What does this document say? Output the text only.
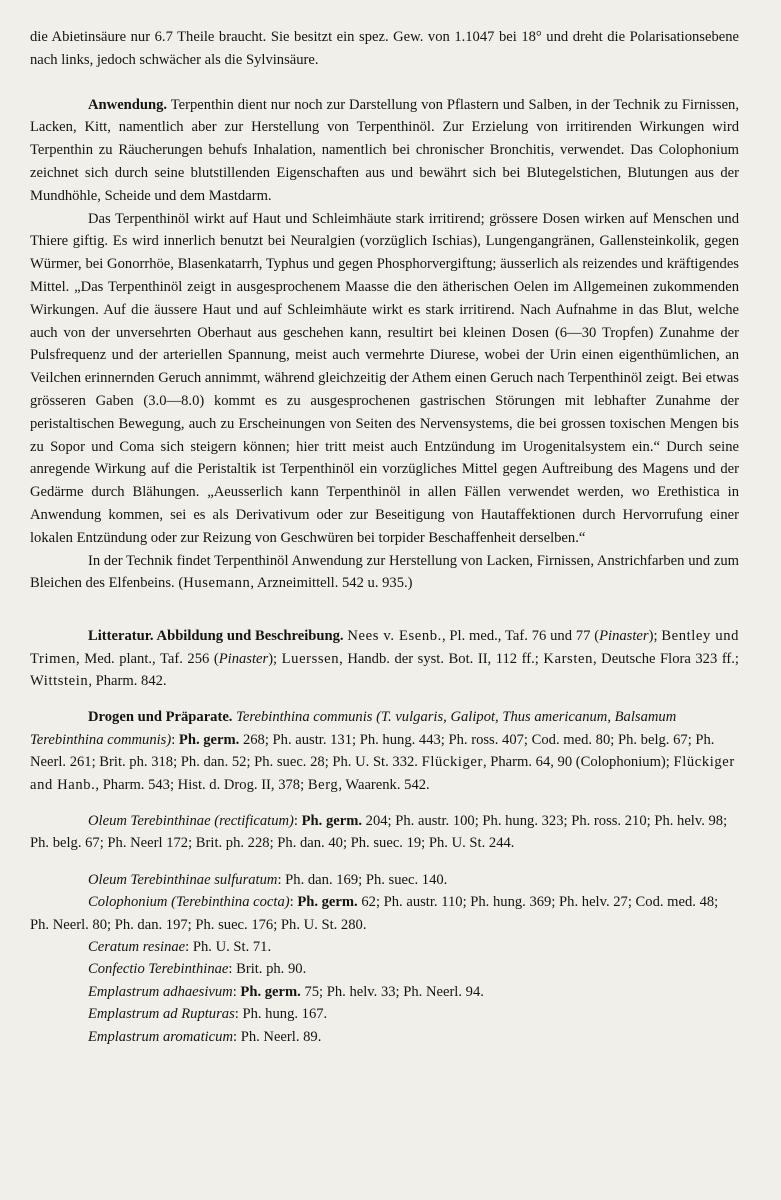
die Abietinsäure nur 6.7 Theile braucht. Sie besitzt ein spez. Gew. von 1.1047 bei 18° und dreht die Polarisationsebene nach links, jedoch schwächer als die Sylvinsäure.

Anwendung. Terpenthin dient nur noch zur Darstellung von Pflastern und Salben, in der Technik zu Firnissen, Lacken, Kitt, namentlich aber zur Herstellung von Terpenthinöl. Zur Erzielung von irritirenden Wirkungen wird Terpenthin zu Räucherungen behufs Inhalation, namentlich bei chronischer Bronchitis, verwendet. Das Colophonium zeichnet sich durch seine blutstillenden Eigenschaften aus und bewährt sich bei Blutegelstichen, Blutungen aus der Mundhöhle, Scheide und dem Mastdarm.

Das Terpenthinöl wirkt auf Haut und Schleimhäute stark irritirend; grössere Dosen wirken auf Menschen und Thiere giftig. Es wird innerlich benutzt bei Neuralgien (vorzüglich Ischias), Lungengangränen, Gallensteinkolik, gegen Würmer, bei Gonorrhöe, Blasenkatarrh, Typhus und gegen Phosphorvergiftung; äusserlich als reizendes und kräftigendes Mittel. „Das Terpenthinöl zeigt in ausgesprochenem Maasse die den ätherischen Oelen im Allgemeinen zukommenden Wirkungen. Auf die äussere Haut und auf Schleimhäute wirkt es stark irritirend. Nach Aufnahme in das Blut, welche auch von der unversehrten Oberhaut aus geschehen kann, resultirt bei kleinen Dosen (6—30 Tropfen) Zunahme der Pulsfrequenz und der arteriellen Spannung, meist auch vermehrte Diurese, wobei der Urin einen eigenthümlichen, an Veilchen erinnernden Geruch annimmt, während gleichzeitig der Athem einen Geruch nach Terpenthinöl zeigt. Bei etwas grösseren Gaben (3.0—8.0) kommt es zu ausgesprochenen gastrischen Störungen mit lebhafter Zunahme der peristaltischen Bewegung, auch zu Erscheinungen von Seiten des Nervensystems, die bei grossen toxischen Mengen bis zu Sopor und Coma sich steigern können; hier tritt meist auch Entzündung im Urogenitalsystem ein.“ Durch seine anregende Wirkung auf die Peristaltik ist Terpenthinöl ein vorzügliches Mittel gegen Auftreibung des Magens und der Gedärme durch Blähungen. „Aeusserlich kann Terpenthinöl in allen Fällen verwendet werden, wo Erethistica in Anwendung kommen, sei es als Derivativum oder zur Beseitigung von Hautaffektionen durch Hervorrufung einer lokalen Entzündung oder zur Reizung von Geschwüren bei torpider Beschaffenheit derselben.“

In der Technik findet Terpenthinöl Anwendung zur Herstellung von Lacken, Firnissen, Anstrichfarben und zum Bleichen des Elfenbeins. (Husemann, Arzneimittell. 542 u. 935.)

Litteratur. Abbildung und Beschreibung. Nees v. Esenb., Pl. med., Taf. 76 und 77 (Pinaster); Bentley und Trimen, Med. plant., Taf. 256 (Pinaster); Luerssen, Handb. der syst. Bot. II, 112 ff.; Karsten, Deutsche Flora 323 ff.; Wittstein, Pharm. 842.

Drogen und Präparate. Terebinthina communis (T. vulgaris, Galipot, Thus americanum, Balsamum Terebinthina communis): Ph. germ. 268; Ph. austr. 131; Ph. hung. 443; Ph. ross. 407; Cod. med. 80; Ph. belg. 67; Ph. Neerl. 261; Brit. ph. 318; Ph. dan. 52; Ph. suec. 28; Ph. U. St. 332. Flückiger, Pharm. 64, 90 (Colophonium); Flückiger and Hanb., Pharm. 543; Hist. d. Drog. II, 378; Berg, Waarenk. 542.

Oleum Terebinthinae (rectificatum): Ph. germ. 204; Ph. austr. 100; Ph. hung. 323; Ph. ross. 210; Ph. helv. 98; Ph. belg. 67; Ph. Neerl 172; Brit. ph. 228; Ph. dan. 40; Ph. suec. 19; Ph. U. St. 244.

Oleum Terebinthinae sulfuratum: Ph. dan. 169; Ph. suec. 140.

Colophonium (Terebinthina cocta): Ph. germ. 62; Ph. austr. 110; Ph. hung. 369; Ph. helv. 27; Cod. med. 48; Ph. Neerl. 80; Ph. dan. 197; Ph. suec. 176; Ph. U. St. 280.

Ceratum resinae: Ph. U. St. 71.

Confectio Terebinthinae: Brit. ph. 90.

Emplastrum adhaesivum: Ph. germ. 75; Ph. helv. 33; Ph. Neerl. 94.

Emplastrum ad Rupturas: Ph. hung. 167.

Emplastrum aromaticum: Ph. Neerl. 89.
